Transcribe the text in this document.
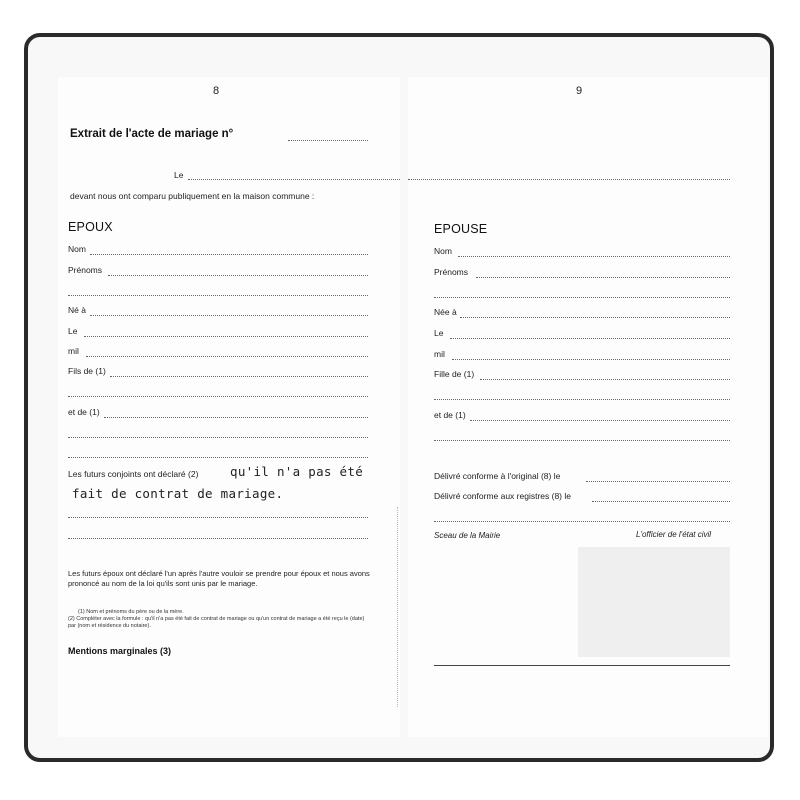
8
Extrait de l'acte de mariage n°
Le
devant nous ont comparu publiquement en la maison commune :
EPOUX
Nom
Prénoms
Né à
Le
mil
Fils de (1)
et de (1)
Les futurs conjoints ont déclaré (2)	qu'il n'a pas été
fait de contrat de mariage.
Les futurs époux ont déclaré l'un après l'autre vouloir se prendre pour époux et nous avons prononcé au nom de la loi qu'ils sont unis par le mariage.
(1) Nom et prénoms du père ou de la mère.
(2) Compléter avec la formule : qu'il n'a pas été fait de contrat de mariage ou qu'un contrat de mariage a été reçu le (date) par (nom et résidence du notaire).
Mentions marginales (3)
9
EPOUSE
Nom
Prénoms
Née à
Le
mil
Fille de (1)
et de (1)
Délivré conforme à l'original (8) le
Délivré conforme aux registres (8) le
Sceau de la Mairie	L'officier de l'état civil
